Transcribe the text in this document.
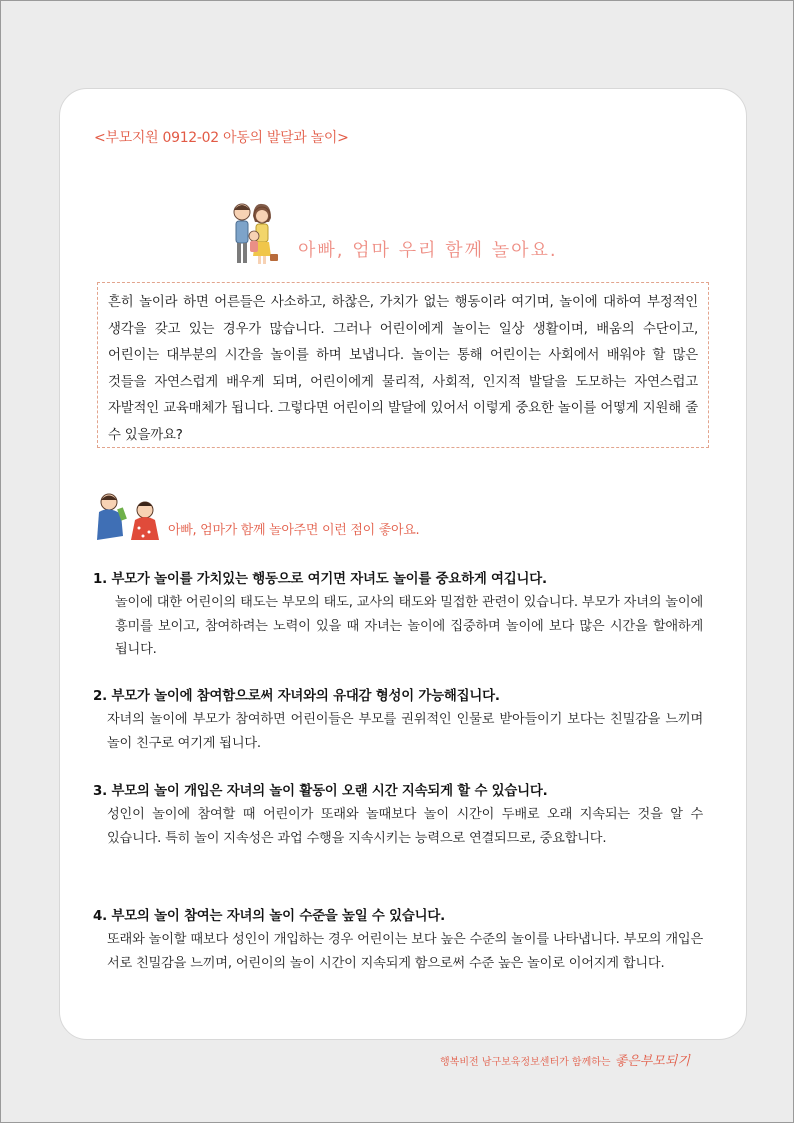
<부모지원 0912-02 아동의 발달과 놀이>
아빠, 엄마 우리 함께 놀아요.
흔히 놀이라 하면 어른들은 사소하고, 하찮은, 가치가 없는 행동이라 여기며, 놀이에 대하여 부정적인 생각을 갖고 있는 경우가 많습니다. 그러나 어린이에게 놀이는 일상 생활이며, 배움의 수단이고, 어린이는 대부분의 시간을 놀이를 하며 보냅니다. 놀이는 통해 어린이는 사회에서 배워야 할 많은 것들을 자연스럽게 배우게 되며, 어린이에게 물리적, 사회적, 인지적 발달을 도모하는 자연스럽고 자발적인 교육매체가 됩니다. 그렇다면 어린이의 발달에 있어서 이렇게 중요한 놀이를 어떻게 지원해 줄 수 있을까요?
아빠, 엄마가 함께 놀아주면 이런 점이 좋아요.
1. 부모가 놀이를 가치있는 행동으로 여기면 자녀도 놀이를 중요하게 여깁니다.
놀이에 대한 어린이의 태도는 부모의 태도, 교사의 태도와 밀접한 관련이 있습니다. 부모가 자녀의 놀이에 흥미를 보이고, 참여하려는 노력이 있을 때 자녀는 놀이에 집중하며 놀이에 보다 많은 시간을 할애하게 됩니다.
2. 부모가 놀이에 참여함으로써 자녀와의 유대감 형성이 가능해집니다.
자녀의 놀이에 부모가 참여하면 어린이들은 부모를 권위적인 인물로 받아들이기 보다는 친밀감을 느끼며 놀이 친구로 여기게 됩니다.
3. 부모의 놀이 개입은 자녀의 놀이 활동이 오랜 시간 지속되게 할 수 있습니다.
성인이 놀이에 참여할 때 어린이가 또래와 놀때보다 놀이 시간이 두배로 오래 지속되는 것을 알 수 있습니다. 특히 놀이 지속성은 과업 수행을 지속시키는 능력으로 연결되므로, 중요합니다.
4. 부모의 놀이 참여는 자녀의 놀이 수준을 높일 수 있습니다.
또래와 놀이할 때보다 성인이 개입하는 경우 어린이는 보다 높은 수준의 놀이를 나타냅니다. 부모의 개입은 서로 친밀감을 느끼며, 어린이의 놀이 시간이 지속되게 함으로써 수준 높은 놀이로 이어지게 합니다.
행복비전 남구보육정보센터가 함께하는 좋은부모되기
